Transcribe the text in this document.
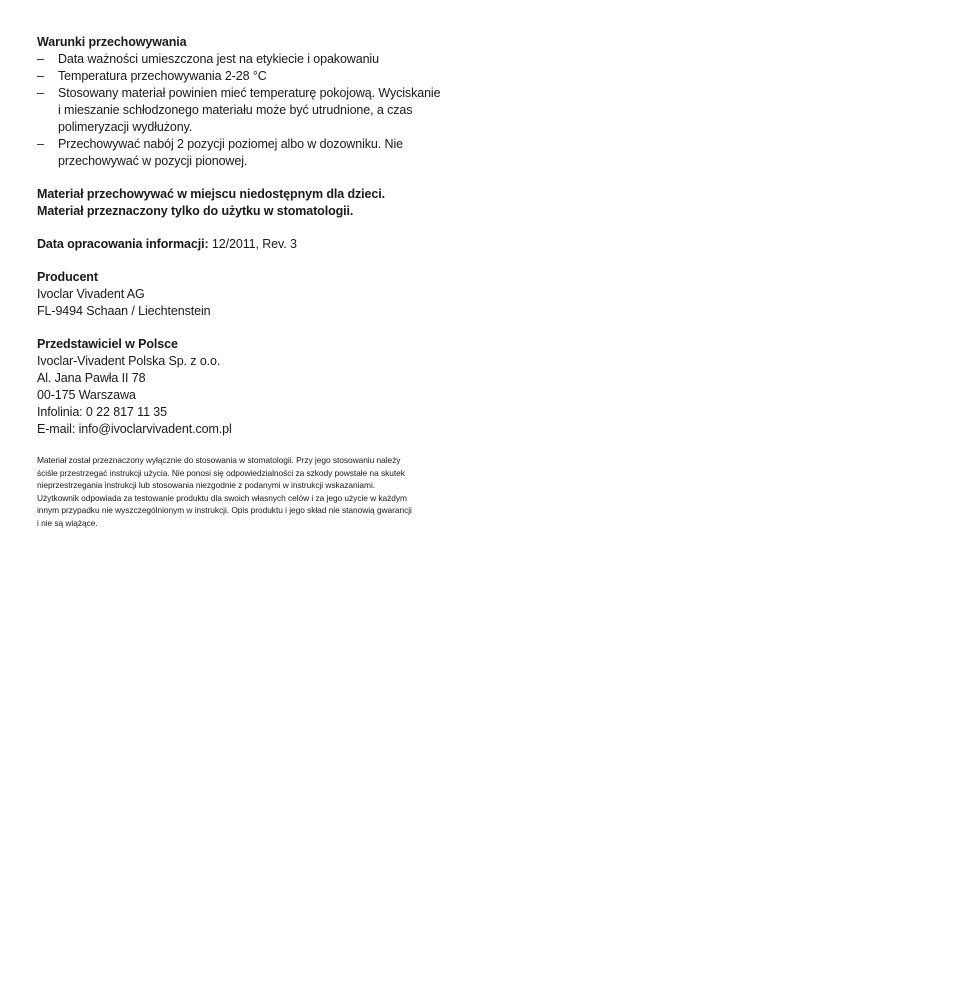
Warunki przechowywania
– Data ważności umieszczona jest na etykiecie i opakowaniu
– Temperatura przechowywania 2-28 °C
– Stosowany materiał powinien mieć temperaturę pokojową. Wyciskanie
i mieszanie schłodzonego materiału może być utrudnione, a czas
polimeryzacji wydłużony.
– Przechowywać nabój 2 pozycji poziomej albo w dozowniku. Nie
przechowywać w pozycji pionowej.
Materiał przechowywać w miejscu niedostępnym dla dzieci.
Materiał przeznaczony tylko do użytku w stomatologii.
Data opracowania informacji: 12/2011, Rev. 3
Producent
Ivoclar Vivadent AG
FL-9494 Schaan / Liechtenstein
Przedstawiciel w Polsce
Ivoclar-Vivadent Polska Sp. z o.o.
Al. Jana Pawła II 78
00-175 Warszawa
Infolinia: 0 22 817 11 35
E-mail: info@ivoclarvivadent.com.pl
Materiał został przeznaczony wyłącznie do stosowania w stomatologii. Przy jego stosowaniu należy
ściśle przestrzegać instrukcji użycia. Nie ponosi się odpowiedzialności za szkody powstałe na skutek
nieprzestrzegania instrukcji lub stosowania niezgodnie z podanymi w instrukcji wskazaniami.
Użytkownik odpowiada za testowanie produktu dla swoich własnych celów i za jego użycie w każdym
innym przypadku nie wyszczególnionym w instrukcji. Opis produktu i jego skład nie stanowią gwarancji
i nie są wiążące.
